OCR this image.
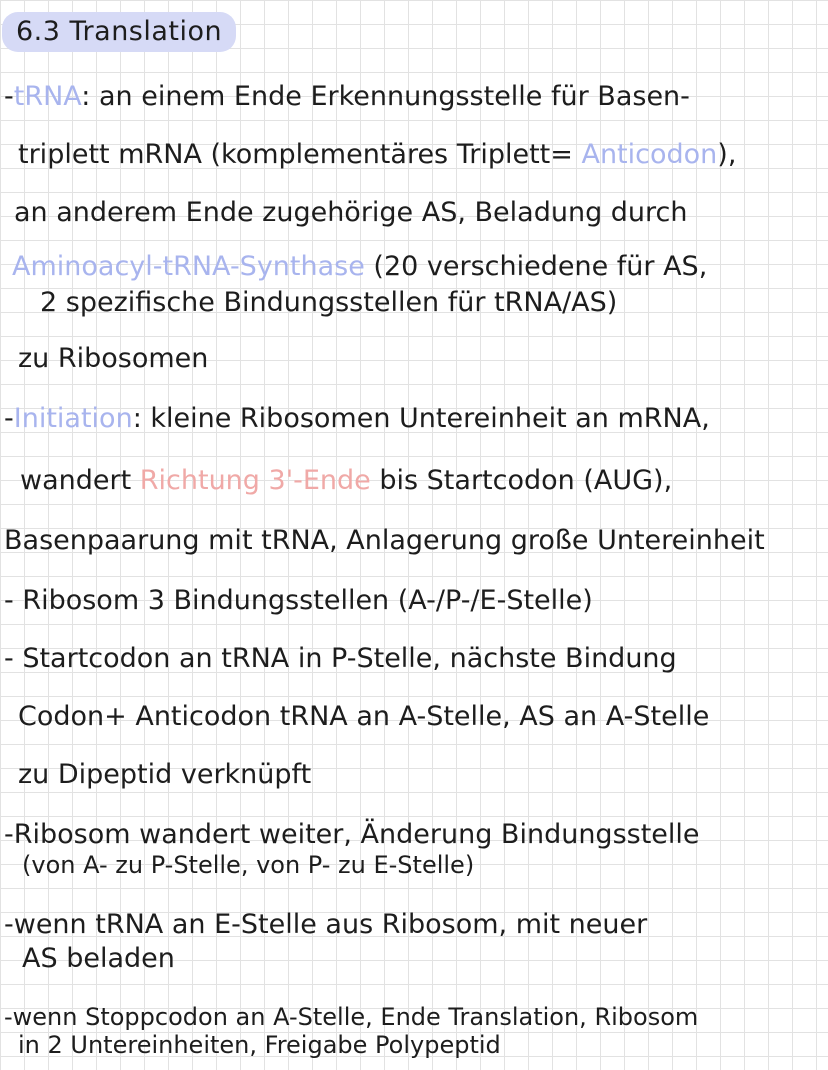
6.3 Translation
-tRNA: an einem Ende Erkennungsstelle für Basen-
triplett mRNA (komplementäres Triplett= Anticodon),
an anderem Ende zugehörige AS, Beladung durch
Aminoacyl-tRNA-Synthase (20 verschiedene für AS,
2 spezifische Bindungsstellen für tRNA/AS)
zu Ribosomen
-Initiation: kleine Ribosomen Untereinheit an mRNA,
wandert Richtung 3'-Ende bis Startcodon (AUG),
Basenpaarung mit tRNA, Anlagerung große Untereinheit
- Ribosom 3 Bindungsstellen (A-/P-/E-Stelle)
- Startcodon an tRNA in P-Stelle, nächste Bindung
Codon+ Anticodon tRNA an A-Stelle, AS an A-Stelle
zu Dipeptid verknüpft
-Ribosom wandert weiter, Änderung Bindungsstelle
(von A- zu P-Stelle, von P- zu E-Stelle)
-wenn tRNA an E-Stelle aus Ribosom, mit neuer
AS beladen
-wenn Stoppcodon an A-Stelle, Ende Translation, Ribosom
in 2 Untereinheiten, Freigabe Polypeptid
